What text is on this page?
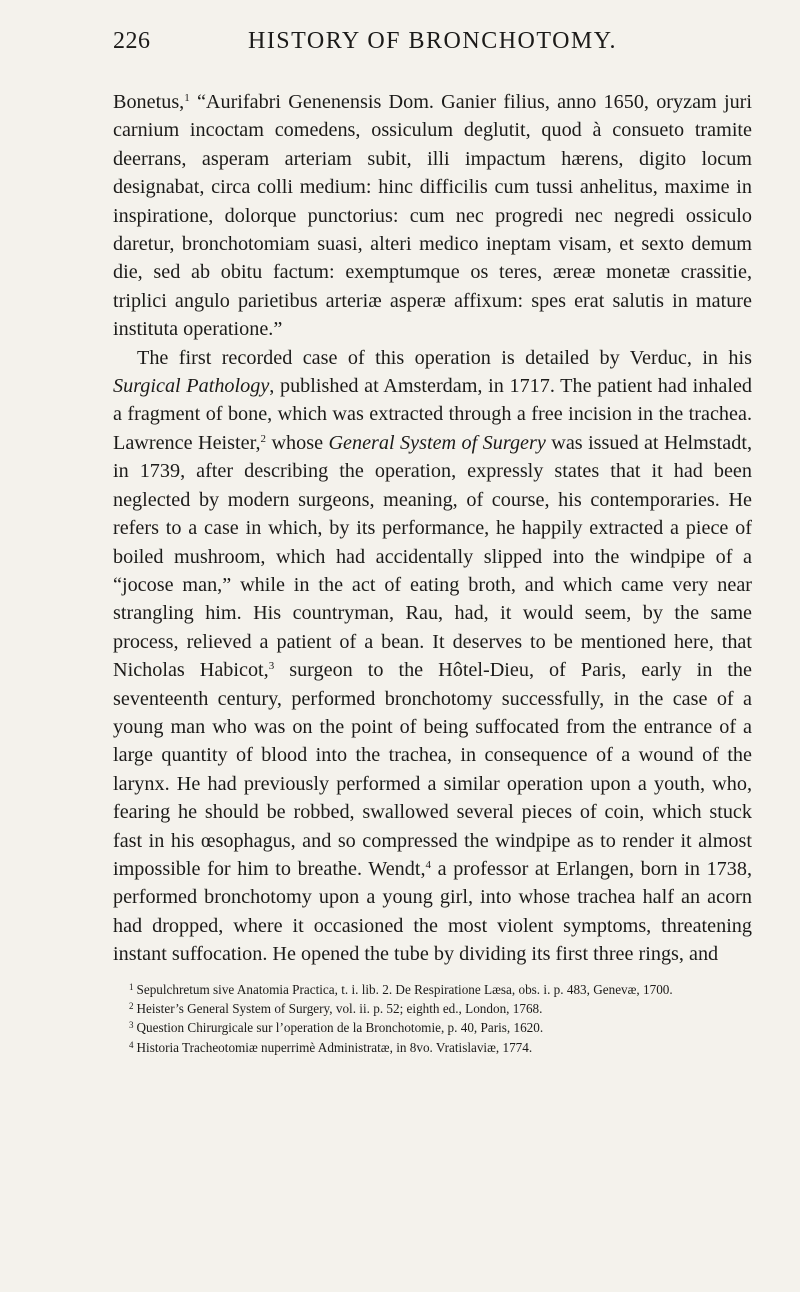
226	HISTORY OF BRONCHOTOMY.

Bonetus,$^1$ “Aurifabri Genenensis Dom. Ganier filius, anno 1650, oryzam juri carnium incoctam comedens, ossiculum deglutit, quod à consueto tramite deerrans, asperam arteriam subit, illi impactum hærens, digito locum designabat, circa colli medium: hinc difficilis cum tussi anhelitus, maxime in inspiratione, dolorque punctorius: cum nec progredi nec negredi ossiculo daretur, bronchotomiam suasi, alteri medico ineptam visam, et sexto demum die, sed ab obitu factum: exemptumque os teres, æreæ monetæ crassitie, triplici angulo parietibus arteriæ asperæ affixum: spes erat salutis in mature instituta operatione.”

The first recorded case of this operation is detailed by Verduc, in his Surgical Pathology, published at Amsterdam, in 1717. The patient had inhaled a fragment of bone, which was extracted through a free incision in the trachea. Lawrence Heister,$^2$ whose General System of Surgery was issued at Helmstadt, in 1739, after describing the operation, expressly states that it had been neglected by modern surgeons, meaning, of course, his contemporaries. He refers to a case in which, by its performance, he happily extracted a piece of boiled mushroom, which had accidentally slipped into the windpipe of a “jocose man,” while in the act of eating broth, and which came very near strangling him. His countryman, Rau, had, it would seem, by the same process, relieved a patient of a bean. It deserves to be mentioned here, that Nicholas Habicot,$^3$ surgeon to the Hôtel-Dieu, of Paris, early in the seventeenth century, performed bronchotomy successfully, in the case of a young man who was on the point of being suffocated from the entrance of a large quantity of blood into the trachea, in consequence of a wound of the larynx. He had previously performed a similar operation upon a youth, who, fearing he should be robbed, swallowed several pieces of coin, which stuck fast in his œsophagus, and so compressed the windpipe as to render it almost impossible for him to breathe. Wendt,$^4$ a professor at Erlangen, born in 1738, performed bronchotomy upon a young girl, into whose trachea half an acorn had dropped, where it occasioned the most violent symptoms, threatening instant suffocation. He opened the tube by dividing its first three rings, and

$^1$ Sepulchretum sive Anatomia Practica, t. i. lib. 2. De Respiratione Læsa, obs. i. p. 483, Genevæ, 1700.

$^2$ Heister’s General System of Surgery, vol. ii. p. 52; eighth ed., London, 1768.

$^3$ Question Chirurgicale sur l’operation de la Bronchotomie, p. 40, Paris, 1620.

$^4$ Historia Tracheotomiæ nuperrimè Administratæ, in 8vo. Vratislaviæ, 1774.
